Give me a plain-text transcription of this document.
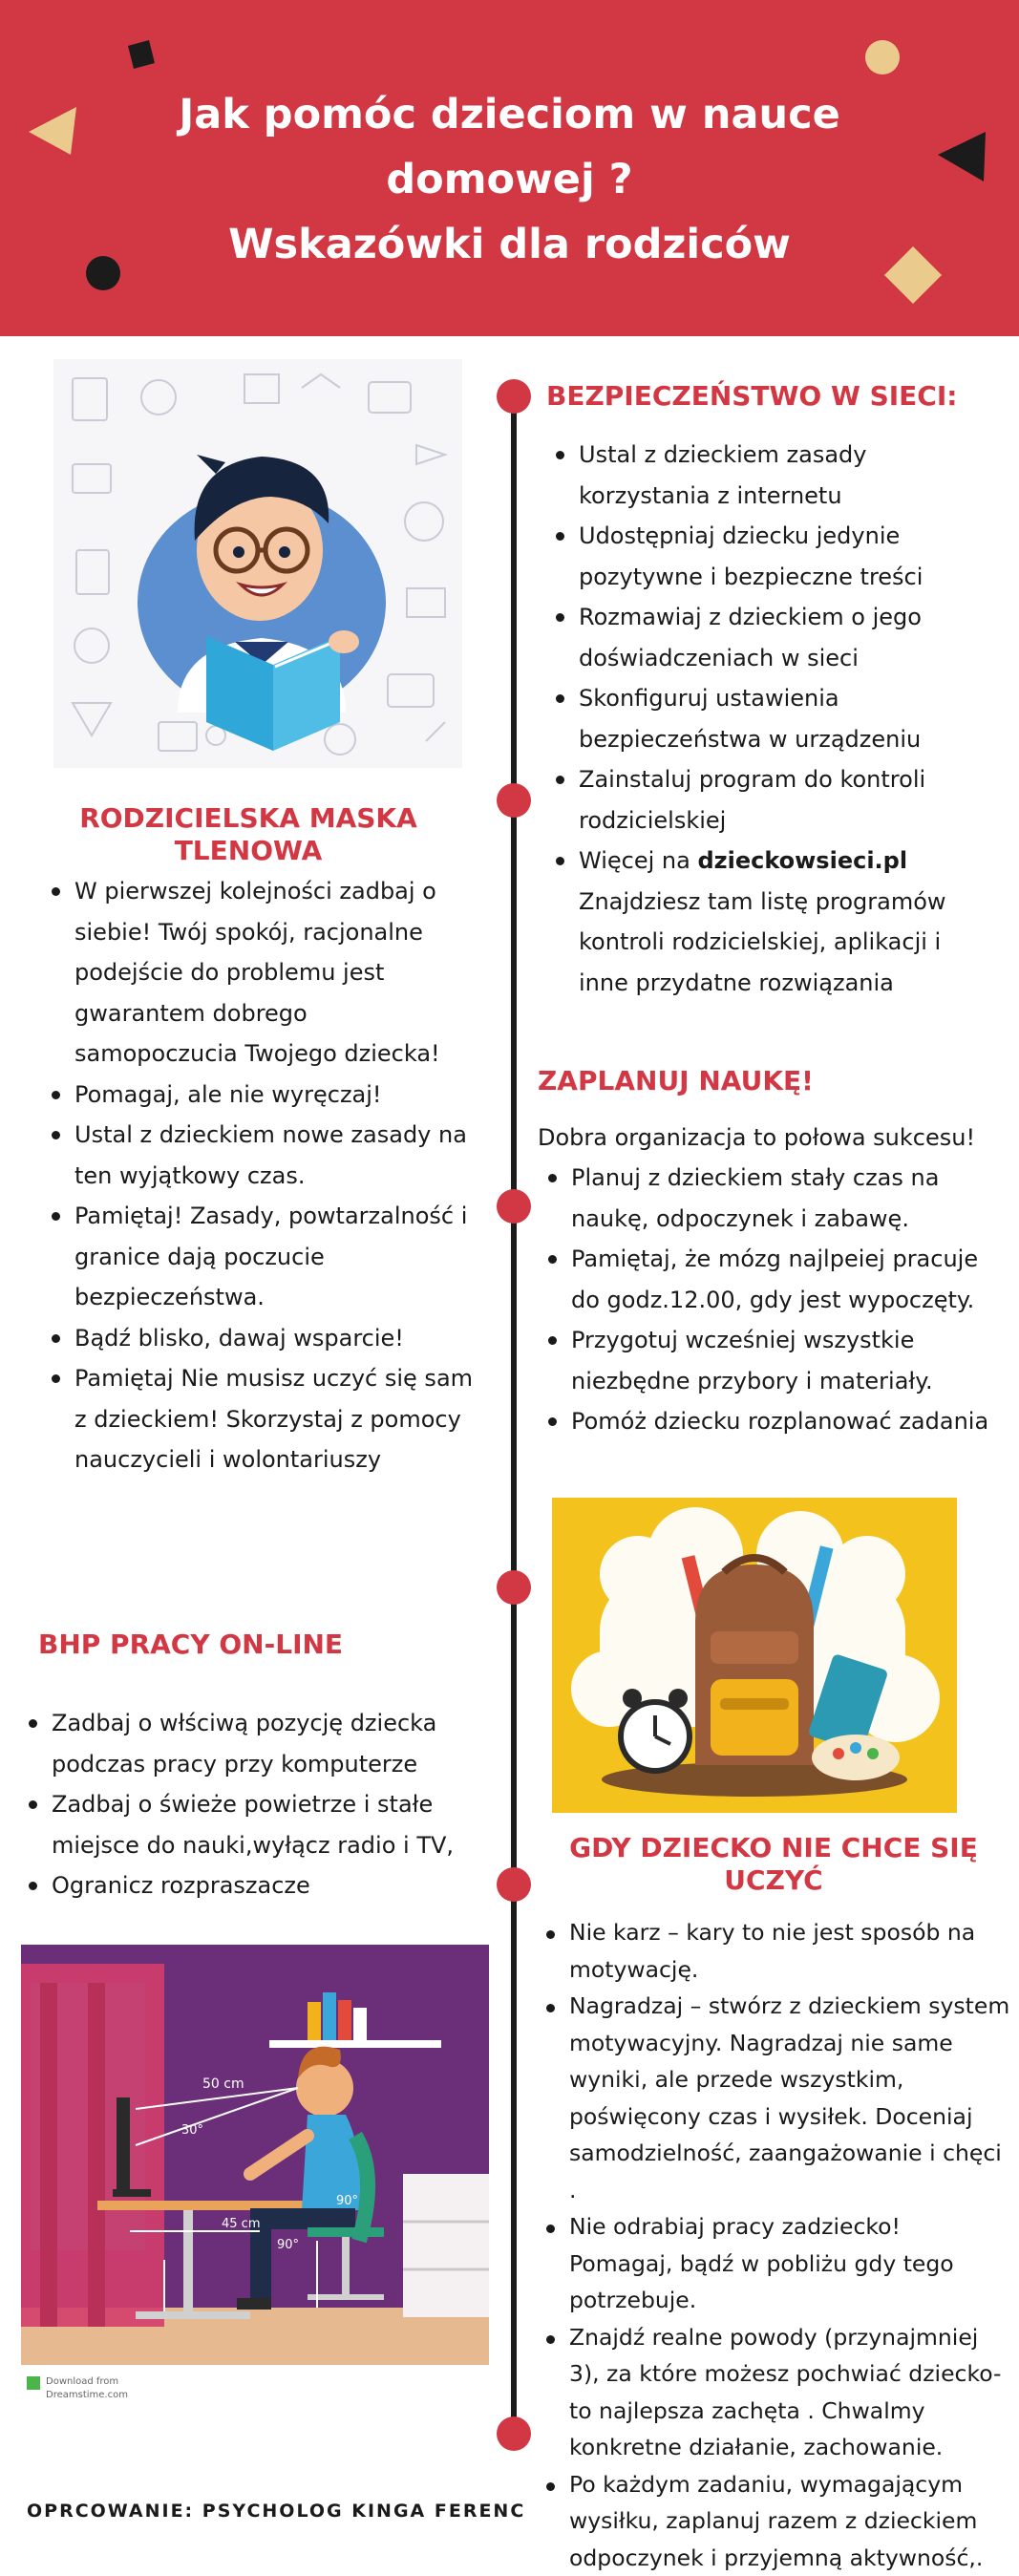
Jak pomóc dzieciom w nauce
domowej ?
Wskazówki dla rodziców
RODZICIELSKA MASKA
TLENOWA
W pierwszej kolejności zadbaj o siebie! Twój spokój, racjonalne podejście do problemu jest gwarantem dobrego samopoczucia Twojego dziecka!
Pomagaj, ale nie wyręczaj!
Ustal z dzieckiem nowe zasady na ten wyjątkowy czas.
Pamiętaj! Zasady, powtarzalność i granice dają poczucie bezpieczeństwa.
Bądź blisko, dawaj wsparcie!
Pamiętaj Nie musisz uczyć się sam z dzieckiem! Skorzystaj z pomocy nauczycieli i wolontariuszy
BEZPIECZEŃSTWO W SIECI:
Ustal z dzieckiem zasady korzystania z internetu
Udostępniaj dziecku jedynie pozytywne i bezpieczne treści
Rozmawiaj z dzieckiem o jego doświadczeniach w sieci
Skonfiguruj ustawienia bezpieczeństwa w urządzeniu
Zainstaluj program do kontroli rodzicielskiej
Więcej na dzieckowsieci.pl
Znajdziesz tam listę programów kontroli rodzicielskiej, aplikacji i inne przydatne rozwiązania
ZAPLANUJ NAUKĘ!
Dobra organizacja to połowa sukcesu!
Planuj z dzieckiem stały czas na naukę, odpoczynek i zabawę.
Pamiętaj, że mózg najlpeiej pracuje do godz.12.00, gdy jest wypoczęty.
Przygotuj wcześniej wszystkie niezbędne przybory i materiały.
Pomóż dziecku rozplanować zadania
BHP PRACY ON-LINE
Zadbaj o włściwą pozycję dziecka podczas pracy przy komputerze
Zadbaj o świeże powietrze i stałe miejsce do nauki,wyłącz radio i TV,
Ogranicz rozpraszacze
50 cm
30°
45 cm
90°
90°
Download from
Dreamstime.com
GDY DZIECKO NIE CHCE SIĘ
UCZYĆ
Nie karz – kary to nie jest sposób na motywację.
Nagradzaj – stwórz z dzieckiem system motywacyjny. Nagradzaj nie same wyniki, ale przede wszystkim, poświęcony czas i wysiłek. Doceniaj samodzielność, zaangażowanie i chęci .
Nie odrabiaj pracy zadziecko! Pomagaj, bądź w pobliżu gdy tego potrzebuje.
Znajdź realne powody (przynajmniej 3), za które możesz pochwiać dziecko- to najlepsza zachęta . Chwalmy konkretne działanie, zachowanie.
Po każdym zadaniu, wymagającym wysiłku, zaplanuj razem z dzieckiem odpoczynek i przyjemną aktywność,.
OPRCOWANIE: PSYCHOLOG KINGA FERENC
